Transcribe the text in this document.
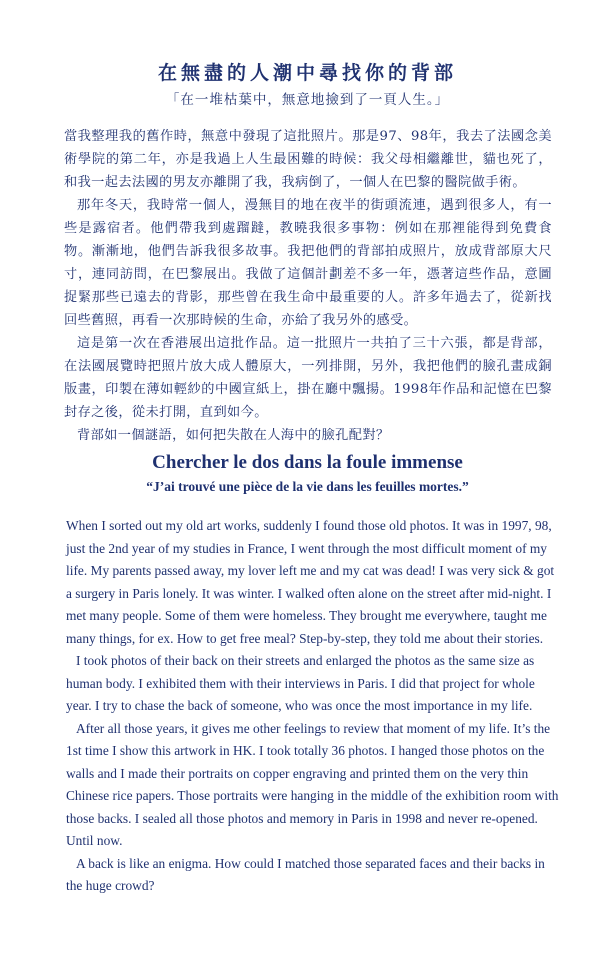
在無盡的人潮中尋找你的背部

「在一堆枯葉中，無意地撿到了一頁人生。」

當我整理我的舊作時，無意中發現了這批照片。那是97、98年，我去了法國念美術學院的第二年，亦是我過上人生最困難的時候：我父母相繼離世，貓也死了，和我一起去法國的男友亦離開了我，我病倒了，一個人在巴黎的醫院做手術。

那年冬天，我時常一個人，漫無目的地在夜半的街頭流連，遇到很多人，有一些是露宿者。他們帶我到處蹓躂，教曉我很多事物：例如在那裡能得到免費食物。漸漸地，他們告訴我很多故事。我把他們的背部拍成照片，放成背部原大尺寸，連同訪問，在巴黎展出。我做了這個計劃差不多一年，憑著這些作品，意圖捉緊那些已遠去的背影，那些曾在我生命中最重要的人。許多年過去了，從新找回些舊照，再看一次那時候的生命，亦給了我另外的感受。

這是第一次在香港展出這批作品。這一批照片一共拍了三十六張，都是背部，在法國展覽時把照片放大成人體原大，一列排開，另外，我把他們的臉孔畫成銅版畫，印製在薄如輕紗的中國宣紙上，掛在廳中飄揚。1998年作品和記憶在巴黎封存之後，從未打開，直到如今。

背部如一個謎語，如何把失散在人海中的臉孔配對？

Chercher le dos dans la foule immense

“J’ai trouvé une pièce de la vie dans les feuilles mortes.”

When I sorted out my old art works, suddenly I found those old photos. It was in 1997, 98, just the 2nd year of my studies in France, I went through the most difficult moment of my life. My parents passed away, my lover left me and my cat was dead! I was very sick & got a surgery in Paris lonely. It was winter. I walked often alone on the street after mid-night. I met many people. Some of them were homeless. They brought me everywhere, taught me many things, for ex. How to get free meal? Step-by-step, they told me about their stories.

I took photos of their back on their streets and enlarged the photos as the same size as human body. I exhibited them with their interviews in Paris. I did that project for whole year. I try to chase the back of someone, who was once the most importance in my life.

After all those years, it gives me other feelings to review that moment of my life. It’s the 1st time I show this artwork in HK. I took totally 36 photos. I hanged those photos on the walls and I made their portraits on copper engraving and printed them on the very thin Chinese rice papers. Those portraits were hanging in the middle of the exhibition room with those backs. I sealed all those photos and memory in Paris in 1998 and never re-opened. Until now.

A back is like an enigma. How could I matched those separated faces and their backs in the huge crowd?
